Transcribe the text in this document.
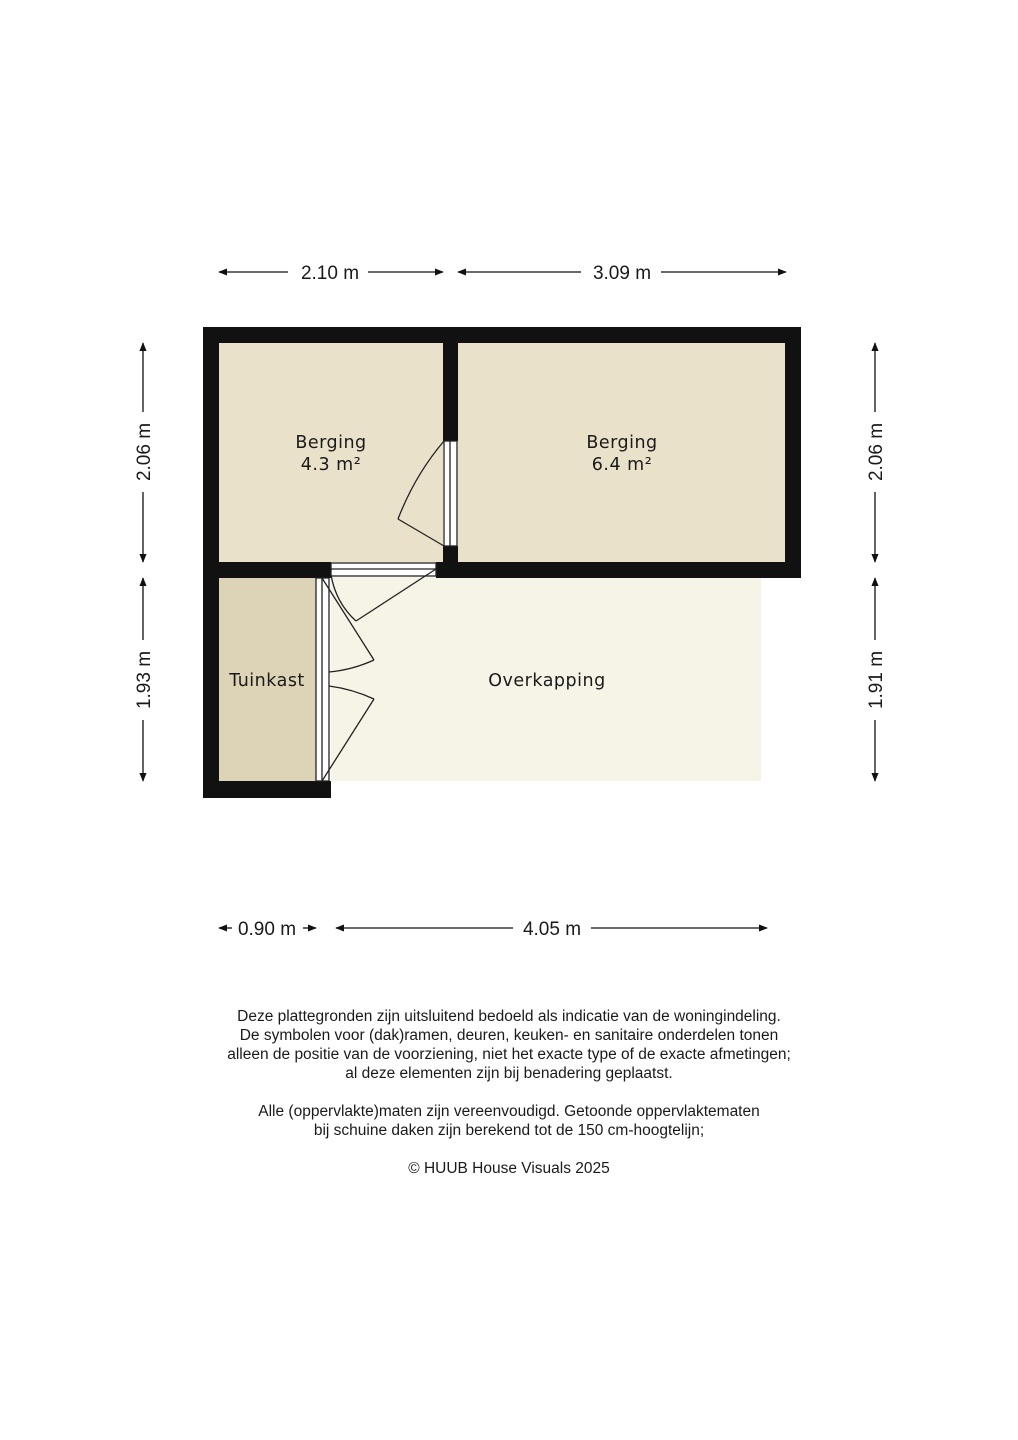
Berging
4.3 m²
Berging
6.4 m²
Tuinkast	Overkapping
2.10 m	3.09 m
2.06 m
1.93 m
2.06 m
1.91 m
0.90 m	4.05 m

Deze plattegronden zijn uitsluitend bedoeld als indicatie van de woningindeling.

De symbolen voor (dak)ramen, deuren, keuken- en sanitaire onderdelen tonen

alleen de positie van de voorziening, niet het exacte type of de exacte afmetingen;

al deze elementen zijn bij benadering geplaatst.

Alle (oppervlakte)maten zijn vereenvoudigd. Getoonde oppervlaktematen

bij schuine daken zijn berekend tot de 150 cm-hoogtelijn;

© HUUB House Visuals 2025
